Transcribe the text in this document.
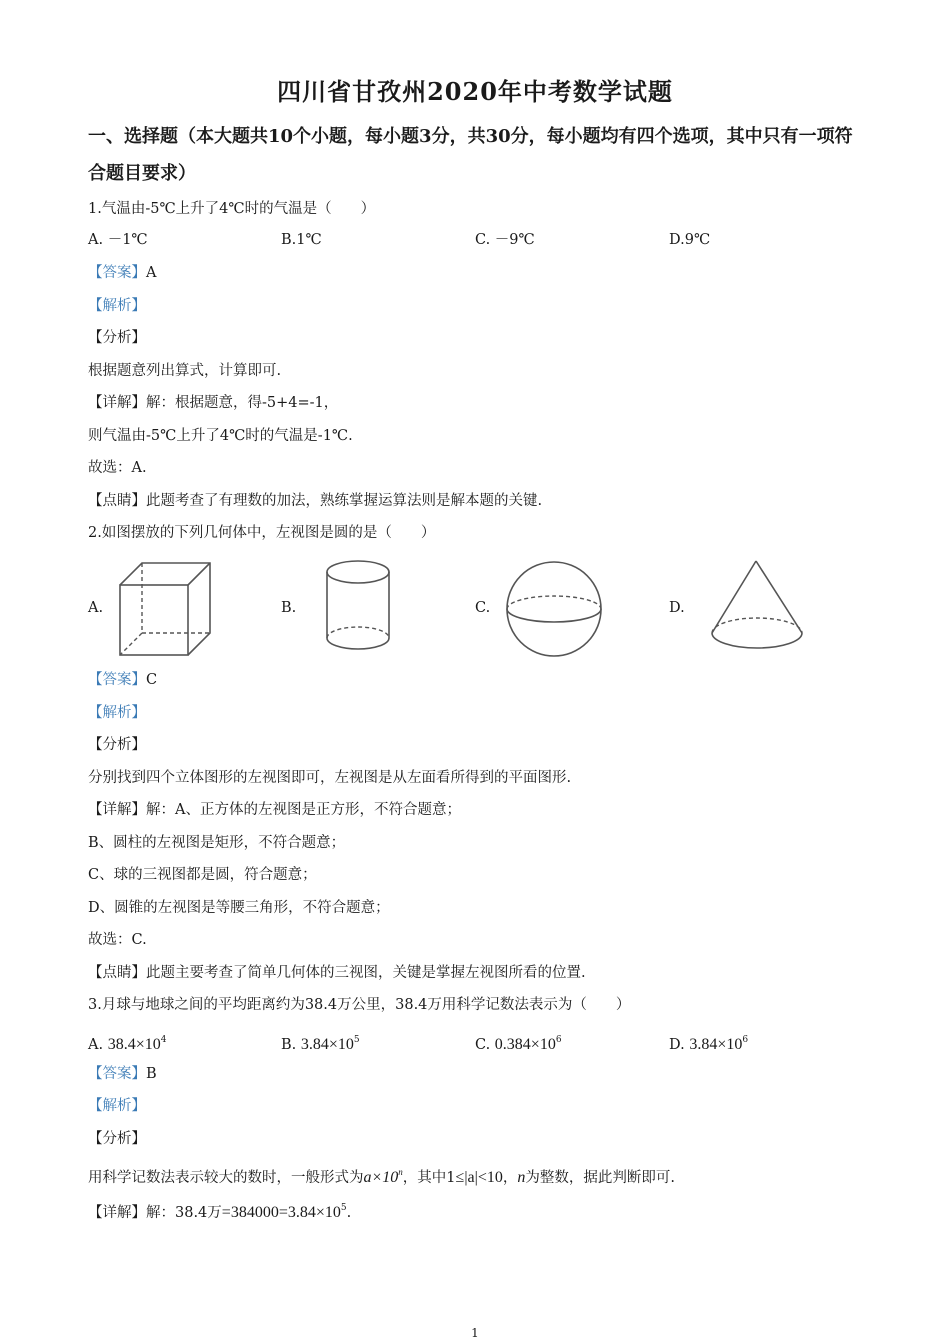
四川省甘孜州2020年中考数学试题
一、选择题（本大题共10个小题，每小题3分，共30分，每小题均有四个选项，其中只有一项符合题目要求）
1.气温由-5℃上升了4℃时的气温是（　　）
A. －1℃	B.1℃	C. －9℃	D.9℃
【答案】A
【解析】
【分析】
根据题意列出算式，计算即可.
【详解】解：根据题意，得-5+4=-1，
则气温由-5℃上升了4℃时的气温是-1℃.
故选：A.
【点睛】此题考查了有理数的加法，熟练掌握运算法则是解本题的关键.
2.如图摆放的下列几何体中，左视图是圆的是（　　）
A.	B.	C.	D.
【答案】C
【解析】
【分析】
分别找到四个立体图形的左视图即可，左视图是从左面看所得到的平面图形.
【详解】解：A、正方体的左视图是正方形，不符合题意；
B、圆柱的左视图是矩形，不符合题意；
C、球的三视图都是圆，符合题意；
D、圆锥的左视图是等腰三角形，不符合题意；
故选：C.
【点睛】此题主要考查了简单几何体的三视图，关键是掌握左视图所看的位置.
3.月球与地球之间的平均距离约为38.4万公里，38.4万用科学记数法表示为（　　）
A. $38.4\times 10^4$	B. $3.84\times 10^5$	C. $0.384\times 10^6$	D. $3.84\times 10^6$
【答案】B
【解析】
【分析】
用科学记数法表示较大的数时，一般形式为$a\times 10^n$，其中1≤|a|<10，n为整数，据此判断即可.
【详解】解：38.4万$=384000=3.84\times 10^5$.
1
